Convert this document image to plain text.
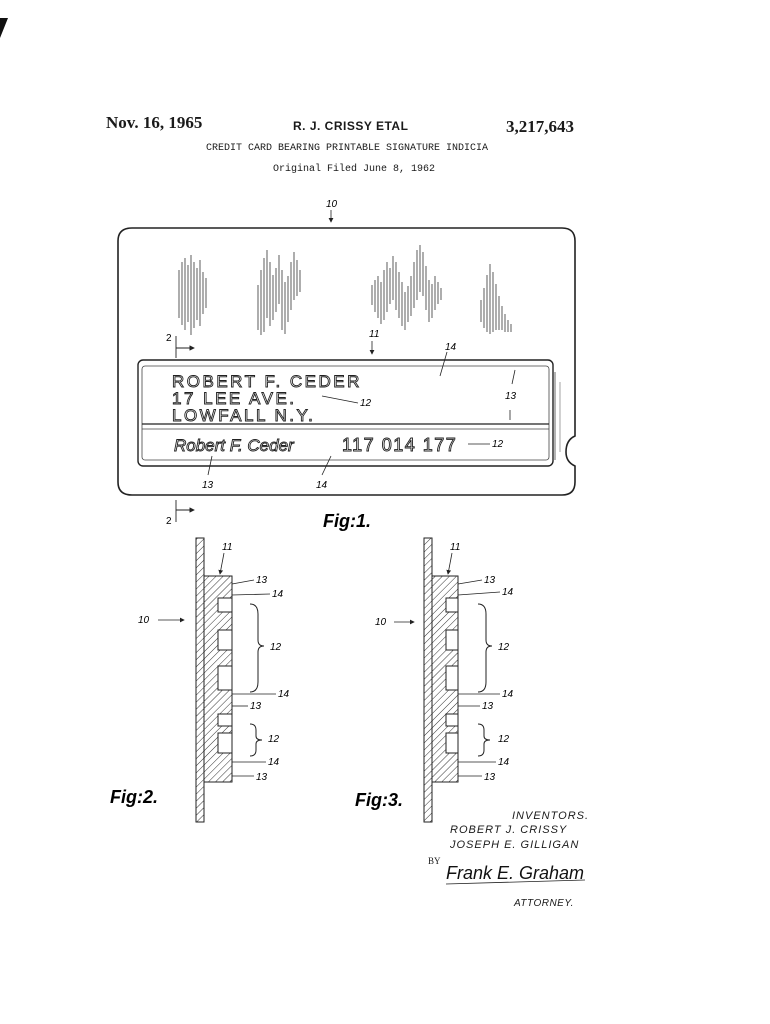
Nov. 16, 1965	R. J. CRISSY ETAL	3,217,643
CREDIT CARD BEARING PRINTABLE SIGNATURE INDICIA
Original Filed June 8, 1962
ROBERT F. CEDER
17 LEE AVE.
LOWFALL N.Y.
Robert F. Ceder	117 014 177
10
11
12
14
13
12
13	14
2
2	Fig:1.
11
10
13
14
12
14
13
12
14
13
Fig:2.
11
10
13
14
12
14
13
12
14
13
Fig:3.
Frank E. Graham
INVENTORS.
ROBERT J. CRISSY
JOSEPH E. GILLIGAN
BY
ATTORNEY.
